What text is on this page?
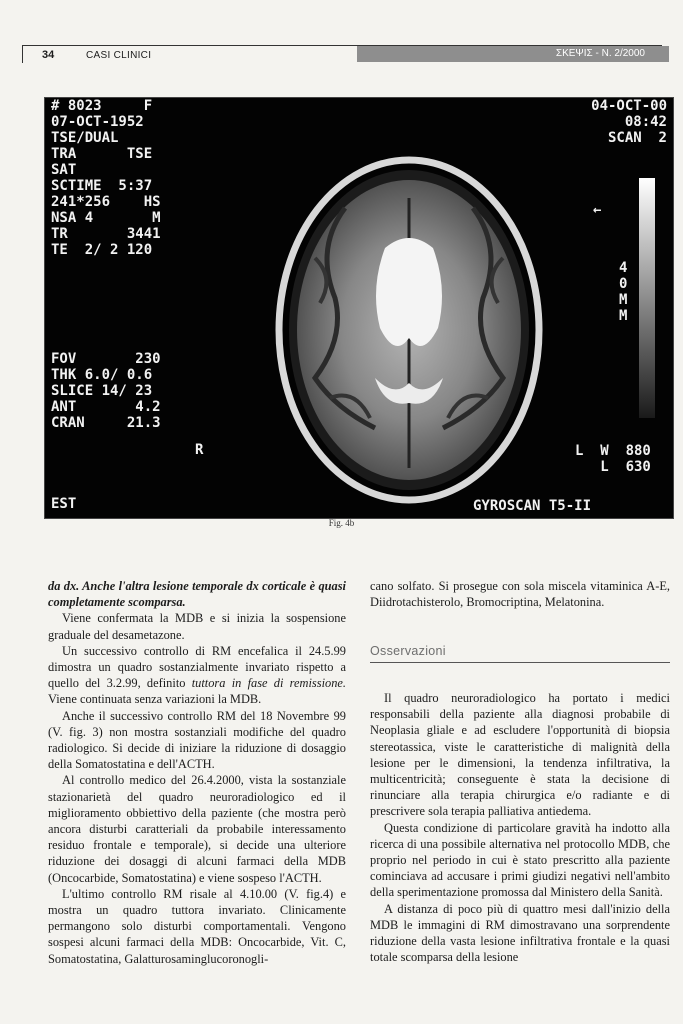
34	CASI CLINICI	ΣΚΕΨΙΣ - N. 2/2000
# 8023     F
07-OCT-1952
TSE/DUAL
TRA      TSE
SAT
SCTIME  5:37
241*256    HS
NSA 4       M
TR       3441
TE  2/ 2 120
04-OCT-00
08:42
SCAN  2
FOV       230
THK 6.0/ 0.6
SLICE 14/ 23
ANT       4.2
CRAN     21.3
R
EST	GYROSCAN T5-II
L  W  880
L  630
4
0
M
M
←
Fig. 4b

da dx. Anche l'altra lesione temporale dx corticale è quasi completamente scomparsa.

Viene confermata la MDB e si inizia la sospensione graduale del desametazone.

Un successivo controllo di RM encefalica il 24.5.99 dimostra un quadro sostanzialmente invariato rispetto a quello del 3.2.99, definito tuttora in fase di remissione. Viene continuata senza variazioni la MDB.

Anche il successivo controllo RM del 18 Novembre 99 (V. fig. 3) non mostra sostanziali modifiche del quadro radiologico. Si decide di iniziare la riduzione di dosaggio della Somatostatina e dell'ACTH.

Al controllo medico del 26.4.2000, vista la sostanziale stazionarietà del quadro neuroradiologico ed il miglioramento obbiettivo della paziente (che mostra però ancora disturbi caratteriali da probabile interessamento residuo frontale e temporale), si decide una ulteriore riduzione dei dosaggi di alcuni farmaci della MDB (Oncocarbide, Somatostatina) e viene sospeso l'ACTH.

L'ultimo controllo RM risale al 4.10.00 (V. fig.4) e mostra un quadro tuttora invariato. Clinicamente permangono solo disturbi comportamentali. Vengono sospesi alcuni farmaci della MDB: Oncocarbide, Vit. C, Somatostatina, Galatturosaminglucoronogli-

cano solfato. Si prosegue con sola miscela vitaminica A-E, Diidrotachisterolo, Bromocriptina, Melatonina.

Osservazioni

Il quadro neuroradiologico ha portato i medici responsabili della paziente alla diagnosi probabile di Neoplasia gliale e ad escludere l'opportunità di biopsia stereotassica, viste le caratteristiche di malignità della lesione per le dimensioni, la tendenza infiltrativa, la multicentricità; conseguente è stata la decisione di rinunciare alla terapia chirurgica e/o radiante e di prescrivere sola terapia palliativa antiedema.

Questa condizione di particolare gravità ha indotto alla ricerca di una possibile alternativa nel protocollo MDB, che proprio nel periodo in cui è stato prescritto alla paziente cominciava ad accusare i primi giudizi negativi nell'ambito della sperimentazione promossa dal Ministero della Sanità.

A distanza di poco più di quattro mesi dall'inizio della MDB le immagini di RM dimostravano una sorprendente riduzione della vasta lesione infiltrativa frontale e la quasi totale scomparsa della lesione
